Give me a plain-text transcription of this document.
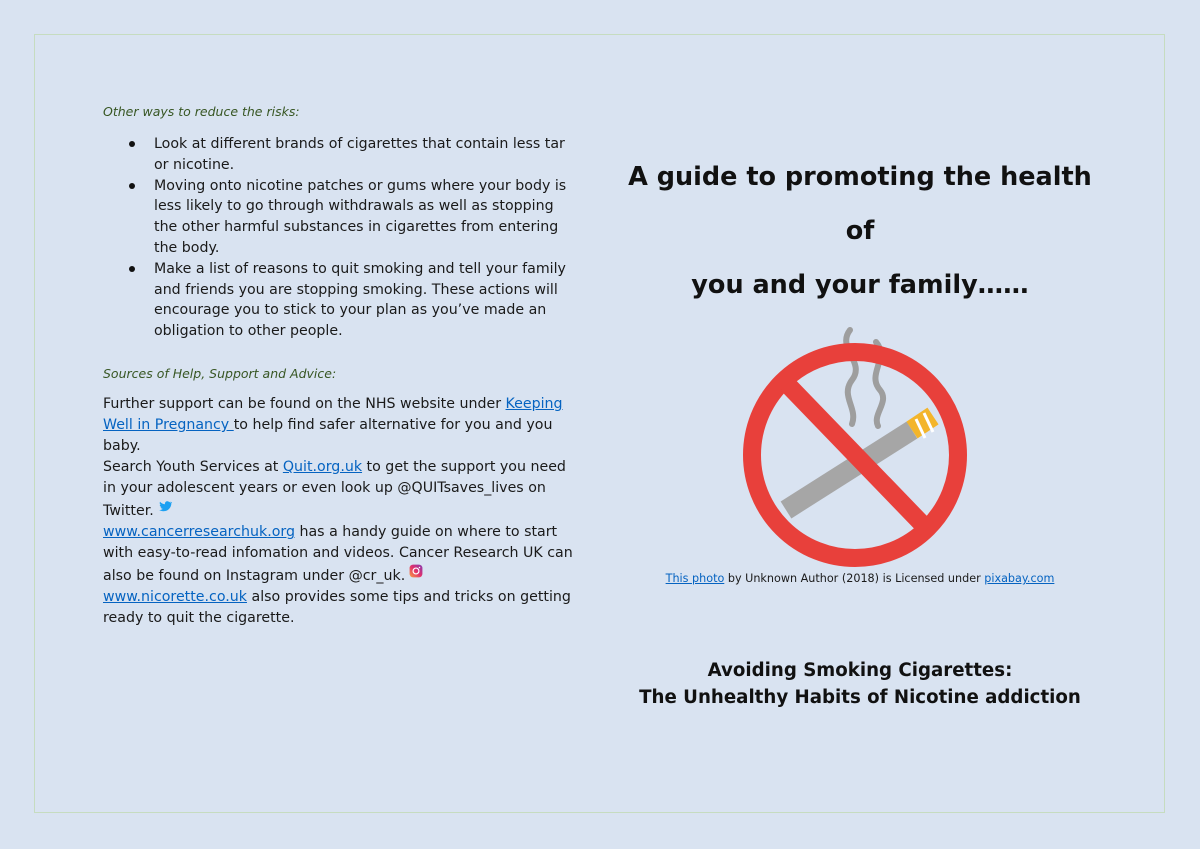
Other ways to reduce the risks:

Look at different brands of cigarettes that contain less tar or nicotine.
Moving onto nicotine patches or gums where your body is less likely to go through withdrawals as well as stopping the other harmful substances in cigarettes from entering the body.
Make a list of reasons to quit smoking and tell your family and friends you are stopping smoking. These actions will encourage you to stick to your plan as you’ve made an obligation to other people.

Sources of Help, Support and Advice:

Further support can be found on the NHS website under Keeping Well in Pregnancy to help find safer alternative for you and you baby.
Search Youth Services at Quit.org.uk to get the support you need in your adolescent years or even look up @QUITsaves_lives on Twitter.
www.cancerresearchuk.org has a handy guide on where to start with easy-to-read infomation and videos. Cancer Research UK can also be found on Instagram under @cr_uk.
www.nicorette.co.uk also provides some tips and tricks on getting ready to quit the cigarette.

A guide to promoting the health of
you and your family……

This photo by Unknown Author (2018) is Licensed under pixabay.com
Avoiding Smoking Cigarettes:
The Unhealthy Habits of Nicotine addiction
